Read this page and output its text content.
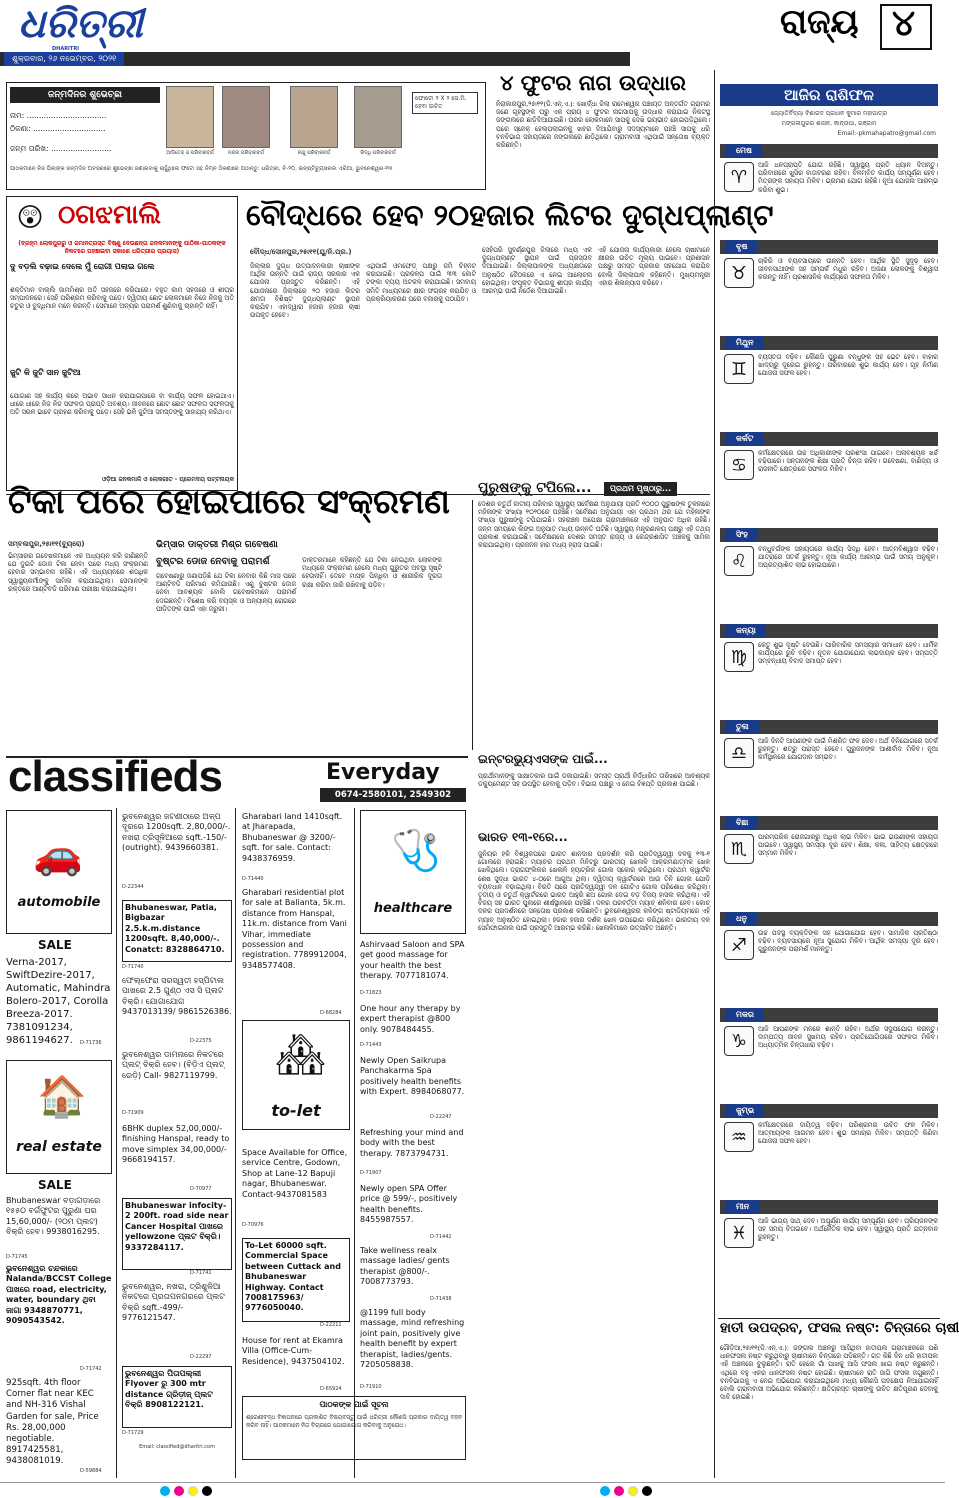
ଧରିତ୍ରୀ
DHARITRI
ଶୁକ୍ରବାର, ୨୬ ନଭେମ୍ବର, ୨୦୨୧
ରାଜ୍ୟ ୪
ଜନ୍ମଦିନର ଶୁଭେଚ୍ଛା
ନାମ: .................................
ଠିକଣା: ..............................
ଜନ୍ମ ତାରିଖ: .........................	ଆଦିତେଜ୍ ଓ ପରିବାରବର୍ଗ	ନନ୍ଦନା ପରିବାରବର୍ଗ	ନାନ୍ଦୁ ପରିବାରବର୍ଗ	ରିଦ୍ଧି ପରିବାରବର୍ଗ
ଫୋଟୋ ୨ X ୨ ସେ.ମି. ହେବା ଉଚିତ
ପାଠକମାନେ ନିଜ ପିଲାଙ୍କ ଜନ୍ମଦିନ ଅବସରରେ ଶୁଭେଚ୍ଛା ଜଣାଇବାକୁ ଚାହୁଁଥିଲେ ଫଟୋ ସହ ନିମ୍ନ ଠିକଣାରେ ପଠାନ୍ତୁ: ଧରିତ୍ରୀ, ବି-୨୦, ଇନ୍ଷ୍ଟିଚ୍ୟୁସନାଲ ଏରିଆ, ଭୁବନେଶ୍ୱର-୧୩
୪ ଫୁଟର ନାଗ ଉଦ୍ଧାର
ନିରାକାରପୁର,୨୫ା୧୧(ଡି.ଏନ୍.ଏ.): ଖୋର୍ଦ୍ଧା ଜିଲା ରାମେଶ୍ୱର ପଞ୍ଚାୟତ ଅନ୍ତର୍ଗତ ଗ୍ରାମର ଜଣେ ଗୃହସ୍ଥଙ୍କ ଘରୁ ଏକ ପ୍ରାୟ ୪ ଫୁଟର ନାଗସାପକୁ ଉଦ୍ଧାର କରାଯାଇ ନିକଟସ୍ଥ ଜଙ୍ଗଲରେ ଛାଡ଼ିଦିଆଯାଇଛି। ଘରର ଲୋକମାନେ ସାପକୁ ଦେଖି ଭୟଭୀତ ହୋଇପଡ଼ିଥିଲେ। ପରେ ସ୍ନେକ୍ ହେଲ୍ପଲାଇନକୁ ଖବର ଦିଆଯିବାରୁ ସଦସ୍ୟମାନେ ପହଞ୍ଚି ସାପକୁ ଧରି ବନବିଭାଗ ସହାୟତାରେ ଜଙ୍ଗଲରେ ଛାଡ଼ିଥିଲେ। ଗ୍ରାମବାସୀ ଏଥିପାଇଁ ସନ୍ତୋଷ ବ୍ୟକ୍ତ କରିଛନ୍ତି।
😲 ଠଗଝମାଲି
(ବ୍ରହ୍ମ ଲୋକପୁରରୁ ଓ ଜମାନତ୍ରସ୍ତ ବିଷ୍ଣୁ ଦେଉଛନ୍ତା ଜନକମାନଙ୍କୁ ପାଠିକା-ପାଠକଙ୍କ ନିକଟରେ ପହଞ୍ଚାଇବା ସକାଶେ ଧରିତ୍ରୀର ପ୍ରୟାସ)
ଦୁ ବଡ଼ଲି ବଢ଼ାଇ ଦେଲେ ମୁଁ ରୋଗୀ ପଲାଇ ଗଲେ
ଶକ୍ତିମାନ ବାଲ୍ଲି ଜାମମିଶ୍ର ଅତି ସହଜରେ କରିପାରେ। ବହୁତ କାମ ସହଜରେ ଓ ଶୀଘ୍ର ସମ୍ପାଦନରେ। ସେହି ପରିଶ୍ରମ କରିବାକୁ ପଡ଼େ। ଦ୍ୱିତୀୟ ଛୋଟ ଲୋକମାନେ ନିଜେ ନିଜକୁ ଅତି ଚତୁର ଓ ବୁଦ୍ଧିମାନ ମନେ କରନ୍ତି। ସେମାନେ ଅନ୍ୟର ପରାମର୍ଶ ଶୁଣିବାକୁ ଚାହାନ୍ତି ନାହିଁ।
ଜୁଟି କି ଜୁଟି ସାନ ଜୁଟିଆ
ଯୋଗାଣ ସହ କାର୍ଯ୍ୟ କରେ ଅଭାବ ସାଧନ କରାଯାଇପାରେ ବା କାର୍ଯ୍ୟ ସଫଳ ହୋଇଥାଏ। ଧୀରେ ଧୀରେ ନିଜ ନିଜ ସଫଳତା ପ୍ରାପ୍ତି ଅବଶ୍ୟ। ଜୀବନରେ ଛୋଟ ଛୋଟ ସଫଳତା ସଫଳତାକୁ ଅତି ସରଳ ଭାବେ ଗ୍ରହଣ କରିବାକୁ ପଡ଼େ। ସେହି ଭଳି ଜୁଟିଆ ସମସ୍ତଙ୍କୁ ସାହାଯ୍ୟ କରିଥାଏ।
ଓଡ଼ିଆ ଜନକମାଳି ଓ ଲୋକଗୀତ - ପ୍ରେମଦୟ ପଟ୍ଟନାୟକ
ବୌଦ୍ଧରେ ହେବ ୨୦ହଜାର ଲିଟର ଦୁଗ୍ଧପ୍ଲାଣ୍ଟ
ବୌଦ୍ଧ/ସୋନପୁର,୨୫ା୧୧(ଯୁ/ନି.ପ୍ର.)
ଜିଲ୍ଲାର ଦୁଗ୍ଧ ଉତ୍ପାଦନକାରୀ ଚାଷୀଙ୍କ ଆର୍ଥିକ ଉନ୍ନତି ପାଇଁ ରାଜ୍ୟ ସରକାର ଏକ ଯୋଜନା ପ୍ରସ୍ତୁତ କରିଛନ୍ତି। ଏହି ଯୋଜନାରେ ଜିଲ୍ଲାରେ ୨୦ ହଜାର ଲିଟର କ୍ଷମତା ବିଶିଷ୍ଟ ଦୁଗ୍ଧପ୍ଲାଣ୍ଟ ସ୍ଥାପନ କରାଯିବ। ଏହାଦ୍ୱାରା ହଜାର ହଜାର ଚାଷୀ ଉପକୃତ ହେବେ।
ଏଥିପାଇଁ ଓମଫେଡ୍ ପକ୍ଷରୁ ଜମି ଚିହ୍ନଟ କରାଯାଇଛି। ପ୍ରକଳ୍ପ ପାଇଁ ୩୩ କୋଟି ଟଙ୍କା ବ୍ୟୟ ଅଟକଳ କରାଯାଇଛି। ସମବାୟ ସମିତି ମାଧ୍ୟମରେ କ୍ଷୀର ସଂଗ୍ରହ କରାଯିବ ଓ ପ୍ରକ୍ରିୟାକରଣ ପରେ ବଜାରକୁ ପଠାଯିବ।
ସେହିପରି ସୁବର୍ଣ୍ଣପୁର ଜିଲାରେ ମଧ୍ୟ ଏକ ଦୁଗ୍ଧପ୍ଲାଣ୍ଟ ସ୍ଥାପନ ପାଇଁ ପ୍ରସ୍ତାବ ଦିଆଯାଇଛି। ଜିଲ୍ଲାପାଳଙ୍କ ଅଧ୍ୟକ୍ଷତାରେ ଅନୁଷ୍ଠିତ ବୈଠକରେ ଏ ନେଇ ଆଲୋଚନା ହୋଇଥିଲା। ସଂପୃକ୍ତ ବିଭାଗକୁ ଶୀଘ୍ର କାର୍ଯ୍ୟ ଆରମ୍ଭ ପାଇଁ ନିର୍ଦ୍ଦେଶ ଦିଆଯାଇଛି।
ଏହି ଯୋଜନା କାର୍ଯ୍ୟକାରୀ ହେଲେ ଚାଷୀମାନେ କ୍ଷୀରର ଉଚିତ ମୂଲ୍ୟ ପାଇବେ। ପ୍ରଶାସନ ପକ୍ଷରୁ ସମସ୍ତ ପ୍ରକାର ସହଯୋଗ କରାଯିବ ବୋଲି ଜିଲ୍ଲାପାଳ କହିଛନ୍ତି। ମୁଖ୍ୟମନ୍ତ୍ରୀ ଏହାର ଶିଳାନ୍ୟାସ କରିବେ।
ଟିକା ପରେ ହୋଇପାରେ ସଂକ୍ରମଣ
ସମ୍ବଲପୁର,୨୫ା୧୧(ବ୍ୟୁରୋ)
ଭିମ୍ସାରର ଗବେଷକମାନେ ଏକ ଅଧ୍ୟୟନ କରି ଜାଣିଛନ୍ତି ଯେ ଦୁଇଟି ଡୋଜ ଟିକା ନେବା ପରେ ମଧ୍ୟ ସଂକ୍ରମଣ ହେବାର ସମ୍ଭାବନା ରହିଛି। ଏହି ଅଧ୍ୟୟନରେ ଶତାଧିକ ସ୍ୱାସ୍ଥ୍ୟକର୍ମୀଙ୍କୁ ସାମିଲ କରାଯାଇଥିଲା। ସେମାନଙ୍କ ରକ୍ତରେ ଆଣ୍ଟିବଡି ପରିମାଣ ପରୀକ୍ଷା କରାଯାଇଥିଲା।
ଭିମ୍ସାର ଡାକ୍ତରୀ ମିଶ୍ର ଗବେଷଣା
ବୁଷ୍ଟର ଡୋଜ ନେବାକୁ ପରାମର୍ଶ
ଗବେଷଣାରୁ ଜଣାପଡ଼ିଛି ଯେ ଟିକା ନେବାର କିଛି ମାସ ପରେ ଆଣ୍ଟିବଡି ପରିମାଣ କମିଯାଉଛି। ଏଣୁ ବୁଷ୍ଟର ଡୋଜ ନେବା ଆବଶ୍ୟକ ବୋଲି ଗବେଷକମାନେ ପରାମର୍ଶ ଦେଇଛନ୍ତି। ବିଶେଷ କରି ବୟସ୍କ ଓ ଅନ୍ୟାନ୍ୟ ରୋଗରେ ପୀଡ଼ିତଙ୍କ ପାଇଁ ଏହା ଜରୁରୀ।
ଡାକ୍ତରମାନେ କହିଛନ୍ତି ଯେ ଟିକା ନେଇଥିବା ଲୋକଙ୍କ ମଧ୍ୟରେ ସଂକ୍ରମଣ ହେଲେ ମଧ୍ୟ ଗୁରୁତର ଅବସ୍ଥା ସୃଷ୍ଟି ହେଉନାହିଁ। ତେବେ ମାସ୍କ ପିନ୍ଧିବା ଓ ଶାରୀରିକ ଦୂରତା ରକ୍ଷା କରିବା ଜାରି ରଖିବାକୁ ପଡ଼ିବ।
ପ୍ରଥମ ପୃଷ୍ଠାରୁ...
ପୁରୁଷଙ୍କୁ ଟପିଲେ...
ଦେଶର ଚତୁର୍ଥ ଜାତୀୟ ପରିବାର ସ୍ୱାସ୍ଥ୍ୟ ସର୍ବେକ୍ଷଣ ଅନୁଯାୟୀ ପ୍ରତି ୧୦୦୦ ପୁରୁଷଙ୍କ ତୁଳନାରେ ମହିଳାଙ୍କ ସଂଖ୍ୟା ୧୦୨୦ରେ ପହଞ୍ଚିଛି। ସର୍ବେକ୍ଷଣ ଅନୁଯାୟୀ ଏହା ପ୍ରଥମ ଥର ଯେ ମହିଳାଙ୍କ ସଂଖ୍ୟା ପୁରୁଷଙ୍କୁ ଟପିଯାଇଛି। ସହରାଞ୍ଚଳ ଅପେକ୍ଷା ଗ୍ରାମାଞ୍ଚଳରେ ଏହି ଅନୁପାତ ଅଧିକ ରହିଛି। ଜନ୍ମ ସମୟରେ ଲିଙ୍ଗ ଅନୁପାତ ମଧ୍ୟ ଉନ୍ନତି ଘଟିଛି। ସ୍ୱାସ୍ଥ୍ୟ ମନ୍ତ୍ରଣାଳୟ ପକ୍ଷରୁ ଏହି ତଥ୍ୟ ପ୍ରକାଶ କରାଯାଇଛି। ସର୍ବେକ୍ଷଣରେ ଦେଶର ସମସ୍ତ ରାଜ୍ୟ ଓ କେନ୍ଦ୍ରଶାସିତ ଅଞ୍ଚଳକୁ ସାମିଲ କରାଯାଇଥିଲା। ପ୍ରଜନନ ହାର ମଧ୍ୟ ହ୍ରାସ ପାଇଛି।
ଇନ୍ଟରଭ୍ୟୁଏସଙ୍କ ପାଇଁ...
ପ୍ରାର୍ଥୀମାନଙ୍କୁ ସାକ୍ଷାତକାର ପାଇଁ ଡକାଯାଇଛି। ସମସ୍ତ ପ୍ରାର୍ଥୀ ନିର୍ଦ୍ଧାରିତ ତାରିଖରେ ଆବଶ୍ୟକ ଡକ୍ୟୁମେଣ୍ଟ ସହ ଉପସ୍ଥିତ ହେବାକୁ ପଡ଼ିବ। ବିଭାଗ ପକ୍ଷରୁ ଏ ନେଇ ବିଜ୍ଞପ୍ତି ପ୍ରକାଶ ପାଇଛି।
ଭାରତ ୧୩-୧ରେ...
ଜୁନିୟର ହକି ବିଶ୍ୱକପରେ ଭାରତ ଶାନଦାର ପ୍ରଦର୍ଶନ କରି ପ୍ରତିଦ୍ୱନ୍ଦ୍ୱୀ ଦଳକୁ ୧୩-୧ ଗୋଲରେ ହରାଇଛି। ମ୍ୟାଚର ପ୍ରଥମ ମିନିଟରୁ ଭାରତୀୟ ଖେଳାଳି ଆକ୍ରମଣାତ୍ମକ ଖେଳ ଖେଳିଥିଲେ। ଡ୍ରାଗଫ୍ଲିକର ଖେଳାଳି ହ୍ୟାଟ୍ରିକ ଗୋଲ ସ୍କୋର କରିଥିଲେ। ପ୍ରଥମ କ୍ୱାର୍ଟର ଶେଷ ସୁଦ୍ଧା ଭାରତ ୪-୦ରେ ଆଗୁଆ ଥିଲା। ଦ୍ୱିତୀୟ କ୍ୱାର୍ଟରରେ ଆଉ ତିନି ଗୋଲ ଯୋଡ଼ି ବ୍ୟବଧାନ ବଢ଼ାଇଥିଲା। ବିରତି ପରେ ପ୍ରତିଦ୍ୱନ୍ଦ୍ୱୀ ଦଳ ଗୋଟିଏ ଗୋଲ ପରିଶୋଧ କରିଥିଲା। ତୃତୀୟ ଓ ଚତୁର୍ଥ କ୍ୱାର୍ଟରରେ ଭାରତ ଆହୁରି ଛଅ ଗୋଲ ଦେଇ ବଡ଼ ବିଜୟ ହାସଲ କରିଥିଲା। ଏହି ବିଜୟ ସହ ଭାରତ ପୁଲରେ ଶୀର୍ଷସ୍ଥାନରେ ପହଞ୍ଚିଛି। ଦଳର ପରବର୍ତ୍ତୀ ମ୍ୟାଚ୍ ଶନିବାର ହେବ। କୋଚ୍ ଦଳର ପ୍ରଦର୍ଶନରେ ସନ୍ତୋଷ ପ୍ରକାଶ କରିଛନ୍ତି। ଭୁବନେଶ୍ୱରର କଳିଙ୍ଗ ଷ୍ଟାଡିୟମରେ ଏହି ମ୍ୟାଚ୍ ଅନୁଷ୍ଠିତ ହୋଇଥିଲା। ହଜାର ହଜାର ଦର୍ଶକ ଖେଳ ଉପଭୋଗ କରିଥିଲେ। ଭାରତୀୟ ଦଳ ସେମିଫାଇନାଲ ପାଇଁ ପ୍ରସ୍ତୁତି ଆରମ୍ଭ କରିଛି। ଖେଳାଳିମାନେ ଉତ୍ସାହିତ ଅଛନ୍ତି।
classifieds	Everyday
0674-2580101, 2549302
🚗
automobile
SALE
Verna-2017, SwiftDezire-2017, Automatic, Mahindra Bolero-2017, Corolla Breeza-2017. 7381091234, 9861194627.	D-71736
🏠
real estate
SALE
Bhubaneswar ବଡ଼ାଗଡ଼ାରେ ୧୫୫୦ ବର୍ଗଫୁଟର ପୁରୁଣା ଘର 15,60,000/- (୨୦ମ ପ୍ଲଟ) ବିକ୍ରି ହେବ। 9938016295.
D-71745
ଭୁବନେଶ୍ୱର ଚନ୍ଦକାରେ Nalanda/BCCST College ପାଖରେ road, electricity, water, boundary ଥିବା ଜାଗା 9348870771, 9090543542.
D-71742
925sqft. 4th floor Corner flat near KEC and NH-316 Vishal Garden for sale, Price Rs. 28,00,000 negotiable. 8917425581, 9438081019.
D-59884
ଭୁବନେଶ୍ୱର ଜଟଣୀଠାରେ ଅଳ୍ପ ଦୂରରେ 1200sqft. 2,80,000/-. ନଖରା ତ୍ରିସୂଳିଆରେ sqft.-150/- (outright). 9439660381.
D-22344
Bhubaneswar, Patia, Bigbazar 2.5.k.m.distance 1200sqft. 8,40,000/-. Conatct: 8328864710.
D-71740
ଫେଲ୍ଫେରା ସରସ୍ୱତୀ ହସ୍ପିଟାଲ ପାଖରେ 2.5 ଗୁଣ୍ଠ ଏସ ସି ପ୍ଲଟ ବିକ୍ରି। ଯୋଗାଯୋଗ 9437013139/ 9861526386.
D-22375
ଭୁବନେଶ୍ୱର ଡାମନାରେ ନିକଟରେ ପ୍ଲଟ୍ ବିକ୍ରି ହେବ। (ବିଡ଼ିଏ ପ୍ଲଟ୍ ରେଡ଼ି) Call- 9827119799.
D-71909
6BHK duplex 52,00,000/- finishing Hanspal, ready to move simplex 34,00,000/- 9668194157.
D-70977
Bhubaneswar infocity-2 200ft. road side near Cancer Hospital ପାଖରେ yellowzone ପ୍ଲଟ ବିକ୍ରି। 9337284117.
D-71741
ଭୁବନେଶ୍ୱର, ନଖରା, ତ୍ରିଶୁଳିଆ ନିକଟରେ ପ୍ରତାପନଗରରେ ପ୍ଲଟ ବିକ୍ରି sqft.-499/- 9776121547.
D-22297
ଭୁବନେଶ୍ୱର ପିତାପଲ୍ଲୀ Flyover ରୁ 300 mtr distance ଗ୍ରିଡ଼ୀଜ୍ ପ୍ଲଟ ବିକ୍ରି 8908122121.
D-71729
Email: classified@dharitri.com
Gharabari land 1410sqft. at Jharapada, Bhubaneswar @ 3200/-sqft. for sale. Contact: 9438376959.
D-71440
Gharabari residential plot for sale at Balianta, 5k.m. distance from Hanspal, 11k.m. distance from Vani Vihar, immediate possession and registration. 7789912004, 9348577408.
D-68284
🏘
to-let
Space Available for Office, service Centre, Godown, Shop at Lane-12 Bapuji nagar, Bhubaneswar. Contact-9437081583
D-70976
To-Let 60000 sqft. Commercial Space between Cuttack and Bhubaneswar Highway. Contact 7008175963/ 9776050040.
D-22211
House for rent at Ekamra Villa (Office-Cum-Residence), 9437504102.
D-65924
🩺
healthcare
Ashirvaad Saloon and SPA get good massage for your health the best therapy. 7077181074.
D-71823
One hour any therapy by expert therapist @800 only. 9078484455.
D-71443
Newly Open Saikrupa Panchakarma Spa positively health benefits with Expert. 8984068077.
D-22247
Refreshing your mind and body with the best therapy. 7873794731.
D-71907
Newly open SPA Offer price @ 599/-, positively health benefits. 8455987557.
D-71442
Take wellness realx massage ladies/ gents therapist @800/-. 7008773793.
D-71438
@1199 full body massage, mind refreshing joint pain, positively give health benefit by expert therapist, ladies/gents. 7205058838.
D-71910
ପାଠକଙ୍କ ପାଇଁ ସୂଚନା
ଶ୍ରେଣୀବଦ୍ଧ ବିଜ୍ଞାପନରେ ପ୍ରକାଶିତ ବିଷୟବସ୍ତୁ ପାଇଁ ଧରିତ୍ରୀ କୌଣସି ପ୍ରକାର ଦାୟିତ୍ୱ ବହନ କରିବ ନାହିଁ। ପାଠକମାନେ ନିଜ ବିଚାରରେ ଯୋଗାଯୋଗ କରିବାକୁ ଅନୁରୋଧ।
ଆଜିର ରାଶିଫଳ
ଜ୍ୟୋତିର୍ବିଦ୍ୟା ବିଶାରଦ ପ୍ରଧାନ କୁମାର ମହାପାତ୍ର
ମଙ୍ଗଳାପୁରର ଶାସନ, କାନ୍ତାପା, ଗଞ୍ଜାମ
Email:-pkmahapatro@gmail.com
ମେଷ
♈
ଆଜି ଧନପ୍ରାପ୍ତି ଯୋଗ ରହିଛି। ସ୍ୱାସ୍ଥ୍ୟ ପ୍ରତି ଧ୍ୟାନ ଦିଅନ୍ତୁ। ପରିବାରରେ ଖୁସିର ବାତାବରଣ ରହିବ। ବିଳମ୍ବିତ କାର୍ଯ୍ୟ ସମ୍ପୂର୍ଣ୍ଣ ହେବ। ମିତ୍ରଙ୍କ ସହାୟତା ମିଳିବ। ଭ୍ରମଣ ଯୋଗ ରହିଛି। ନୂଆ ଯୋଜନା ଆରମ୍ଭ କରିବା ଶୁଭ।
ବୃଷ
♉
ଚାକିରି ଓ ବ୍ୟବସାୟରେ ଉନ୍ନତି ହେବ। ଆର୍ଥିକ ସ୍ଥିତି ସୁଦୃଢ଼ ହେବ। ଜୀବନସାଥୀଙ୍କ ସହ ସମ୍ପର୍କ ମଧୁର ରହିବ। ଅଜଣା ଲୋକଙ୍କୁ ବିଶ୍ୱାସ କରନ୍ତୁ ନାହିଁ। ପ୍ରଶାସନିକ କାର୍ଯ୍ୟରେ ସଫଳତା ମିଳିବ।
ମିଥୁନ
♊
ବ୍ୟସ୍ତତା ବଢ଼ିବ। କୌଣସି ପୁରୁଣା ବନ୍ଧୁଙ୍କ ସହ ଭେଟ ହେବ। ବାହାର ଖାଦ୍ୟରୁ ଦୂରେଇ ରୁହନ୍ତୁ। ପରିବାରରେ ଶୁଭ କାର୍ଯ୍ୟ ହେବ। ଗୃହ ନିର୍ମାଣ ଯୋଜନା ସଫଳ ହେବ।
କର୍କଟ
♋
କର୍ମକ୍ଷେତ୍ରରେ ଉଚ୍ଚ ଅଧିକାରୀଙ୍କ ପ୍ରଶଂସା ପାଇବେ। ଅନାବଶ୍ୟକ ଖର୍ଚ୍ଚ ବଢ଼ିପାରେ। ସନ୍ତାନଙ୍କ ଶିକ୍ଷା ପ୍ରତି ଚିନ୍ତା ରହିବ। ଗବେଷଣା, ବାଣିଜ୍ୟ ଓ ରାଜନୀତି କ୍ଷେତ୍ରରେ ସଫଳତା ମିଳିବ।
ସିଂହ
♌
ବନ୍ଧୁବର୍ଗଙ୍କ ସହାୟତାରେ କାର୍ଯ୍ୟ ସିଦ୍ଧି ହେବ। ଆତ୍ମବିଶ୍ୱାସ ବଢ଼ିବ। ଯାତ୍ରାରେ ସତର୍କ ରୁହନ୍ତୁ। ନୂଆ କାର୍ଯ୍ୟ ଆରମ୍ଭ ପାଇଁ ସମୟ ଅନୁକୂଳ। ଅପ୍ରତ୍ୟାଶିତ ଲାଭ ହୋଇପାରେ।
କନ୍ୟା
♍
କେତୁ ଶୁଭ ଦୃଷ୍ଟି ଦେଉଛି। ପାରିବାରିକ ସମସ୍ୟାର ସମାଧାନ ହେବ। ଧାର୍ମିକ କାର୍ଯ୍ୟରେ ରୁଚି ବଢ଼ିବ। ନୂତନ ଯୋଗାଯୋଗ ଲାଭଦାୟକ ହେବ। ସମ୍ପତ୍ତି ସମ୍ବନ୍ଧୀୟ ବିବାଦ ସମାପ୍ତ ହେବ।
ତୁଳା
♎
ଆଜି ଦିନଟି ଆପଣଙ୍କ ପାଇଁ ମିଶ୍ରିତ ଫଳ ଦେବ। ଅର୍ଥ ବିନିଯୋଗରେ ସତର୍କ ରୁହନ୍ତୁ। ଶତ୍ରୁ ପରାସ୍ତ ହେବେ। ଗୁରୁଜନଙ୍କ ଆଶୀର୍ବାଦ ମିଳିବ। ନୂଆ କର୍ମସ୍ଥାନରେ ଯୋଗଦାନ ସମ୍ଭବ।
ବିଛା
♏
ପାରମ୍ପରିକ ରୋଜଗାରରୁ ଅଧିକ ଲାଭ ମିଳିବ। ଭାଇ ଭଉଣୀଙ୍କ ସହାୟତା ପାଇବେ। ସ୍ୱାସ୍ଥ୍ୟ ସମସ୍ୟା ଦୂର ହେବ। ଶିକ୍ଷା, କଳା, ସାହିତ୍ୟ କ୍ଷେତ୍ରରେ ସମ୍ମାନ ମିଳିବ।
ଧନୁ
♐
ଉଚ୍ଚ ପଦସ୍ଥ ବ୍ୟକ୍ତିଙ୍କ ସହ ଯୋଗାଯୋଗ ହେବ। ସାମାଜିକ ପ୍ରତିଷ୍ଠା ବଢ଼ିବ। ବ୍ୟବସାୟରେ ନୂଆ ସୁଯୋଗ ମିଳିବ। ଆର୍ଥିକ ସମସ୍ୟା ଦୂର ହେବ। ଗୁରୁଜନଙ୍କ ପରାମର୍ଶ ମାନନ୍ତୁ।
ମକର
♑
ଆଜି ଆପଣଙ୍କ ମନରେ ଶାନ୍ତି ରହିବ। ଅର୍ଥର ସଦୁପଯୋଗ କରନ୍ତୁ। ଦାମ୍ପତ୍ୟ ଜୀବନ ସୁଖମୟ ରହିବ। ପ୍ରତିଯୋଗିତାରେ ସଫଳତା ମିଳିବ। ଅଧ୍ୟାତ୍ମିକ ଚିନ୍ତାଧାରା ବଢ଼ିବ।
କୁମ୍ଭ
♒
କର୍ମକ୍ଷେତ୍ରରେ ଦାୟିତ୍ୱ ବଢ଼ିବ। ପରିଶ୍ରମର ଉଚିତ ଫଳ ମିଳିବ। ଆତ୍ମୀୟଙ୍କ ଆଗମନ ହେବ। ଶୁଭ ସମାଚାର ମିଳିବ। ସମ୍ପତ୍ତି କିଣିବା ଯୋଜନା ସଫଳ ହେବ।
ମୀନ
♓
ଆଜି ଭାଗ୍ୟ ସାଥ୍ ଦେବ। ଅପୂର୍ଣ୍ଣ କାର୍ଯ୍ୟ ସମ୍ପୂର୍ଣ୍ଣ ହେବ। ପ୍ରିୟଜନଙ୍କ ସହ ସମୟ ବିତାଇବେ। ଅର୍ଥନୈତିକ ଲାଭ ହେବ। ସ୍ୱାସ୍ଥ୍ୟ ପ୍ରତି ଯତ୍ନବାନ ରୁହନ୍ତୁ।
ହାତୀ ଉପଦ୍ରବ, ଫସଲ ନଷ୍ଟ: ଚିନ୍ତାରେ ଚାଷୀ
ଗୌଡ଼ିଆ,୨୫ା୧୧(ଡି.ଏନ୍.ଏ.): ଜଙ୍ଗଲ ଅଞ୍ଚଳରୁ ଆସିଥିବା ହାତୀପଲ ଗ୍ରାମାଞ୍ଚଳରେ ପଶି ଧାନଫସଲ ନଷ୍ଟ କରୁଥିବାରୁ ଚାଷୀମାନେ ଚିନ୍ତାରେ ପଡ଼ିଛନ୍ତି। ଗତ କିଛି ଦିନ ଧରି ହାତୀପଲ ଏହି ଅଞ୍ଚଳରେ ବୁଲୁଛନ୍ତି। ରାତି ହେଲେ ଗାଁ ପାଖକୁ ଆସି ଫସଲ ଖାଇ ନଷ୍ଟ କରୁଛନ୍ତି। ଏଥିରେ ବହୁ ଏକର ଧାନଫସଲ ନଷ୍ଟ ହୋଇଛି। ଚାଷୀମାନେ ରାତି ଜାଗି ଫସଲ ଜଗୁଛନ୍ତି। ବନବିଭାଗକୁ ଏ ନେଇ ଅଭିଯୋଗ କରାଯାଇଥିଲେ ମଧ୍ୟ କୌଣସି ପଦକ୍ଷେପ ନିଆଯାଇନାହିଁ ବୋଲି ଗ୍ରାମବାସୀ ଅଭିଯୋଗ କରିଛନ୍ତି। କ୍ଷତିଗ୍ରସ୍ତ ଚାଷୀଙ୍କୁ ଉଚିତ କ୍ଷତିପୂରଣ ଦେବାକୁ ଦାବି ହୋଇଛି।
